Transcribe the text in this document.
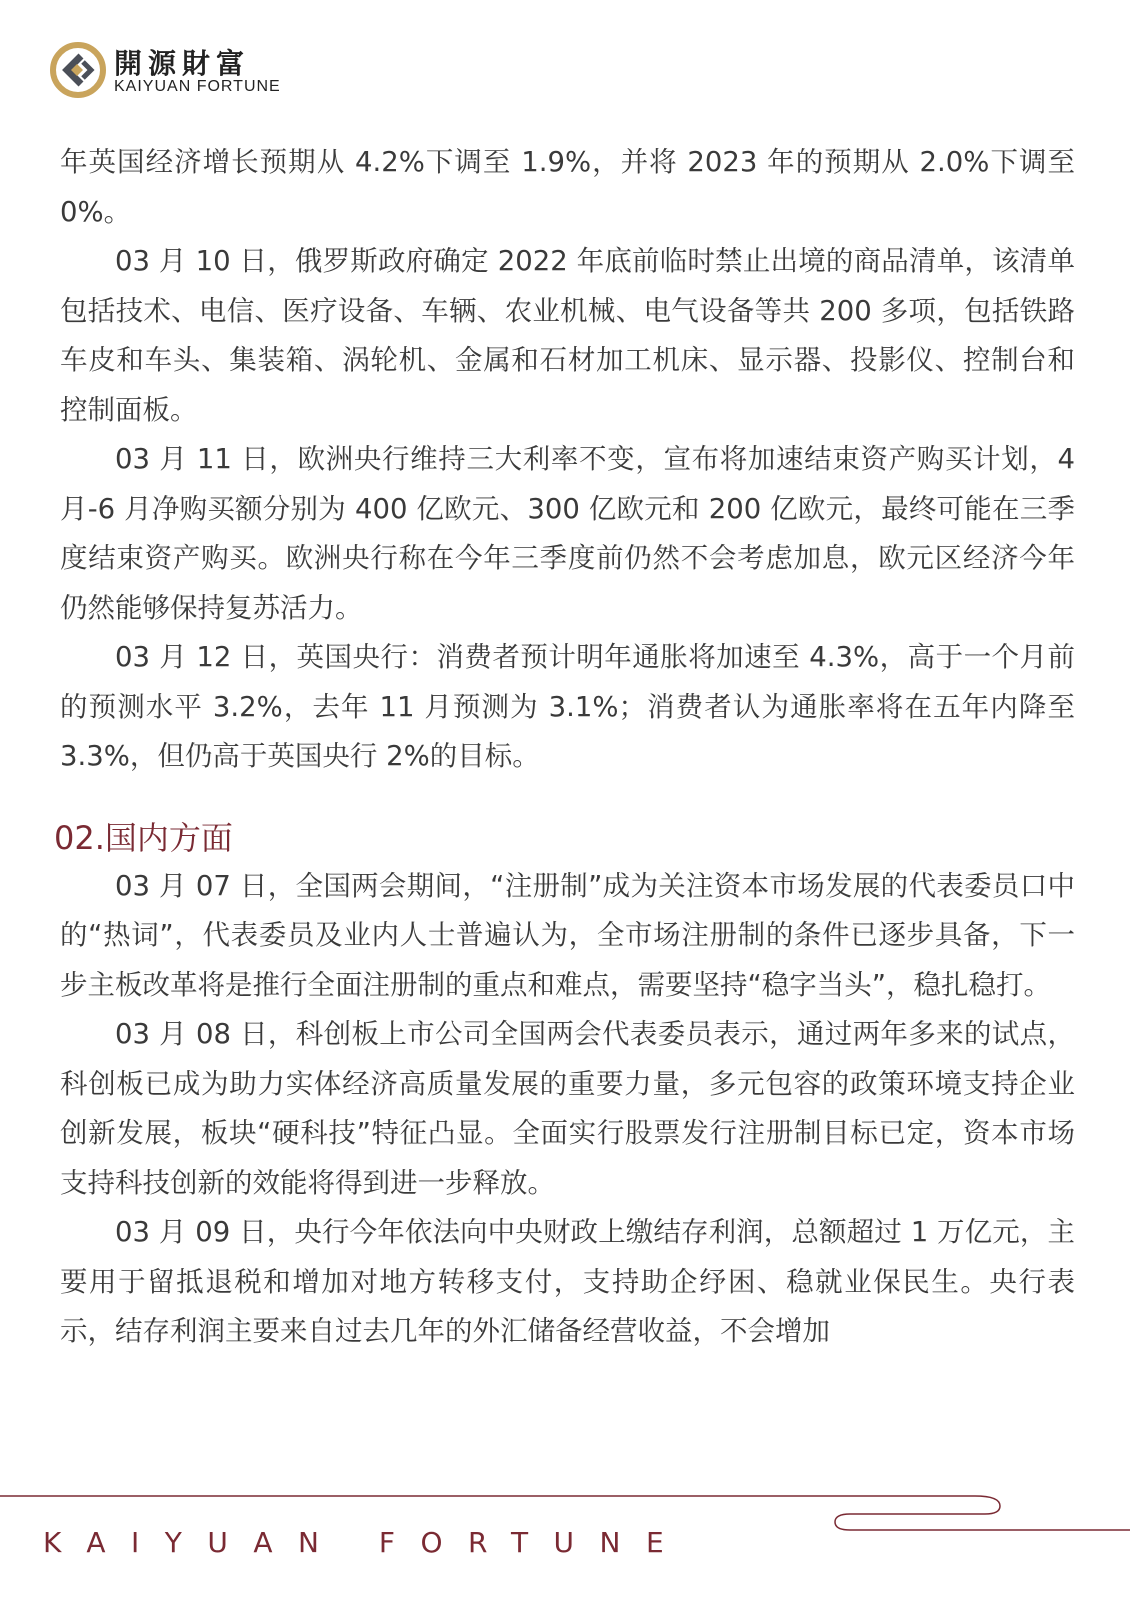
開源財富
KAIYUAN FORTUNE

年英国经济增长预期从 4.2%下调至 1.9%，并将 2023 年的预期从 2.0%下调至 0%。

03 月 10 日，俄罗斯政府确定 2022 年底前临时禁止出境的商品清单，该清单包括技术、电信、医疗设备、车辆、农业机械、电气设备等共 200 多项，包括铁路车皮和车头、集装箱、涡轮机、金属和石材加工机床、显示器、投影仪、控制台和控制面板。

03 月 11 日，欧洲央行维持三大利率不变，宣布将加速结束资产购买计划，4 月-6 月净购买额分别为 400 亿欧元、300 亿欧元和 200 亿欧元，最终可能在三季度结束资产购买。欧洲央行称在今年三季度前仍然不会考虑加息，欧元区经济今年仍然能够保持复苏活力。

03 月 12 日，英国央行：消费者预计明年通胀将加速至 4.3%，高于一个月前的预测水平 3.2%，去年 11 月预测为 3.1%；消费者认为通胀率将在五年内降至 3.3%，但仍高于英国央行 2%的目标。

02.国内方面

03 月 07 日，全国两会期间，“注册制”成为关注资本市场发展的代表委员口中的“热词”，代表委员及业内人士普遍认为，全市场注册制的条件已逐步具备，下一步主板改革将是推行全面注册制的重点和难点，需要坚持“稳字当头”，稳扎稳打。

03 月 08 日，科创板上市公司全国两会代表委员表示，通过两年多来的试点，科创板已成为助力实体经济高质量发展的重要力量，多元包容的政策环境支持企业创新发展，板块“硬科技”特征凸显。全面实行股票发行注册制目标已定，资本市场支持科技创新的效能将得到进一步释放。

03 月 09 日，央行今年依法向中央财政上缴结存利润，总额超过 1 万亿元，主要用于留抵退税和增加对地方转移支付，支持助企纾困、稳就业保民生。央行表示，结存利润主要来自过去几年的外汇储备经营收益，不会增加

KAIYUAN FORTUNE
